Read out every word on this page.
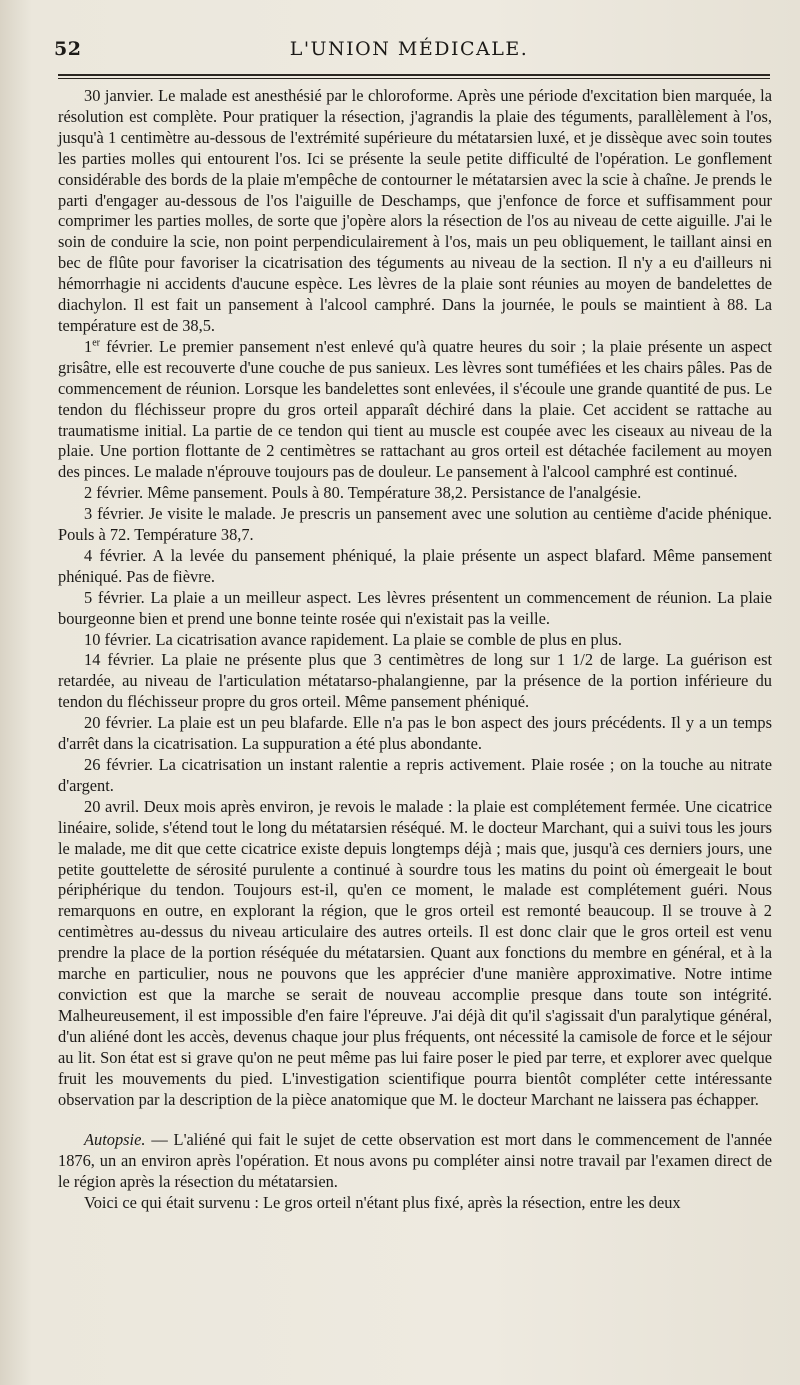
52	L'UNION MÉDICALE.

30 janvier. Le malade est anesthésié par le chloroforme. Après une période d'excitation bien marquée, la résolution est complète. Pour pratiquer la résection, j'agrandis la plaie des téguments, parallèlement à l'os, jusqu'à 1 centimètre au-dessous de l'extrémité supérieure du métatarsien luxé, et je dissèque avec soin toutes les parties molles qui entourent l'os. Ici se présente la seule petite difficulté de l'opération. Le gonflement considérable des bords de la plaie m'empêche de contourner le métatarsien avec la scie à chaîne. Je prends le parti d'engager au-dessous de l'os l'aiguille de Deschamps, que j'enfonce de force et suffisamment pour comprimer les parties molles, de sorte que j'opère alors la résection de l'os au niveau de cette aiguille. J'ai le soin de conduire la scie, non point perpendiculairement à l'os, mais un peu obliquement, le taillant ainsi en bec de flûte pour favoriser la cicatrisation des téguments au niveau de la section. Il n'y a eu d'ailleurs ni hémorrhagie ni accidents d'aucune espèce. Les lèvres de la plaie sont réunies au moyen de bandelettes de diachylon. Il est fait un pansement à l'alcool camphré. Dans la journée, le pouls se maintient à 88. La température est de 38,5.

1er février. Le premier pansement n'est enlevé qu'à quatre heures du soir ; la plaie présente un aspect grisâtre, elle est recouverte d'une couche de pus sanieux. Les lèvres sont tuméfiées et les chairs pâles. Pas de commencement de réunion. Lorsque les bandelettes sont enlevées, il s'écoule une grande quantité de pus. Le tendon du fléchisseur propre du gros orteil apparaît déchiré dans la plaie. Cet accident se rattache au traumatisme initial. La partie de ce tendon qui tient au muscle est coupée avec les ciseaux au niveau de la plaie. Une portion flottante de 2 centimètres se rattachant au gros orteil est détachée facilement au moyen des pinces. Le malade n'éprouve toujours pas de douleur. Le pansement à l'alcool camphré est continué.

2 février. Même pansement. Pouls à 80. Température 38,2. Persistance de l'analgésie.

3 février. Je visite le malade. Je prescris un pansement avec une solution au centième d'acide phénique. Pouls à 72. Température 38,7.

4 février. A la levée du pansement phéniqué, la plaie présente un aspect blafard. Même pansement phéniqué. Pas de fièvre.

5 février. La plaie a un meilleur aspect. Les lèvres présentent un commencement de réunion. La plaie bourgeonne bien et prend une bonne teinte rosée qui n'existait pas la veille.

10 février. La cicatrisation avance rapidement. La plaie se comble de plus en plus.

14 février. La plaie ne présente plus que 3 centimètres de long sur 1 1/2 de large. La guérison est retardée, au niveau de l'articulation métatarso-phalangienne, par la présence de la portion inférieure du tendon du fléchisseur propre du gros orteil. Même pansement phéniqué.

20 février. La plaie est un peu blafarde. Elle n'a pas le bon aspect des jours précédents. Il y a un temps d'arrêt dans la cicatrisation. La suppuration a été plus abondante.

26 février. La cicatrisation un instant ralentie a repris activement. Plaie rosée ; on la touche au nitrate d'argent.

20 avril. Deux mois après environ, je revois le malade : la plaie est complétement fermée. Une cicatrice linéaire, solide, s'étend tout le long du métatarsien réséqué. M. le docteur Marchant, qui a suivi tous les jours le malade, me dit que cette cicatrice existe depuis longtemps déjà ; mais que, jusqu'à ces derniers jours, une petite gouttelette de sérosité purulente a continué à sourdre tous les matins du point où émergeait le bout périphérique du tendon. Toujours est-il, qu'en ce moment, le malade est complétement guéri. Nous remarquons en outre, en explorant la région, que le gros orteil est remonté beaucoup. Il se trouve à 2 centimètres au-dessus du niveau articulaire des autres orteils. Il est donc clair que le gros orteil est venu prendre la place de la portion réséquée du métatarsien. Quant aux fonctions du membre en général, et à la marche en particulier, nous ne pouvons que les apprécier d'une manière approximative. Notre intime conviction est que la marche se serait de nouveau accomplie presque dans toute son intégrité. Malheureusement, il est impossible d'en faire l'épreuve. J'ai déjà dit qu'il s'agissait d'un paralytique général, d'un aliéné dont les accès, devenus chaque jour plus fréquents, ont nécessité la camisole de force et le séjour au lit. Son état est si grave qu'on ne peut même pas lui faire poser le pied par terre, et explorer avec quelque fruit les mouvements du pied. L'investigation scientifique pourra bientôt compléter cette intéressante observation par la description de la pièce anatomique que M. le docteur Marchant ne laissera pas échapper.

Autopsie. — L'aliéné qui fait le sujet de cette observation est mort dans le commencement de l'année 1876, un an environ après l'opération. Et nous avons pu compléter ainsi notre travail par l'examen direct de le région après la résection du métatarsien.

Voici ce qui était survenu : Le gros orteil n'étant plus fixé, après la résection, entre les deux
